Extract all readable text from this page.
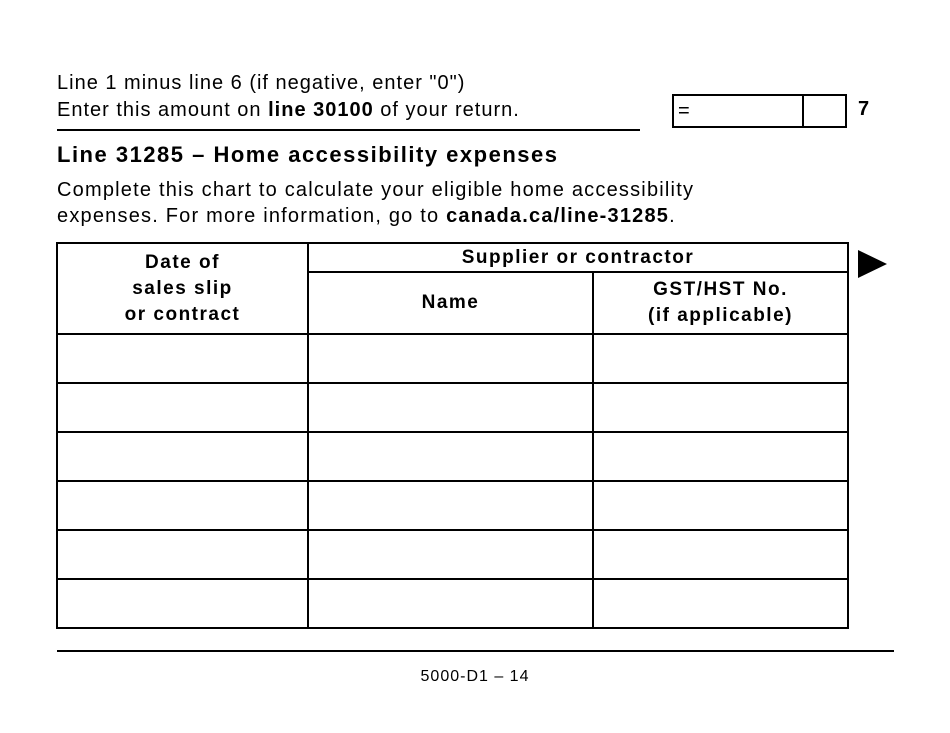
Line 1 minus line 6 (if negative, enter "0")
Enter this amount on line 30100 of your return.	=	7
Line 31285 – Home accessibility expenses
Complete this chart to calculate your eligible home accessibility
expenses. For more information, go to canada.ca/line-31285.
Date of
sales slip
or contract	Supplier or contractor	
	Name	GST/HST No.
(if applicable)

5000-D1 – 14
